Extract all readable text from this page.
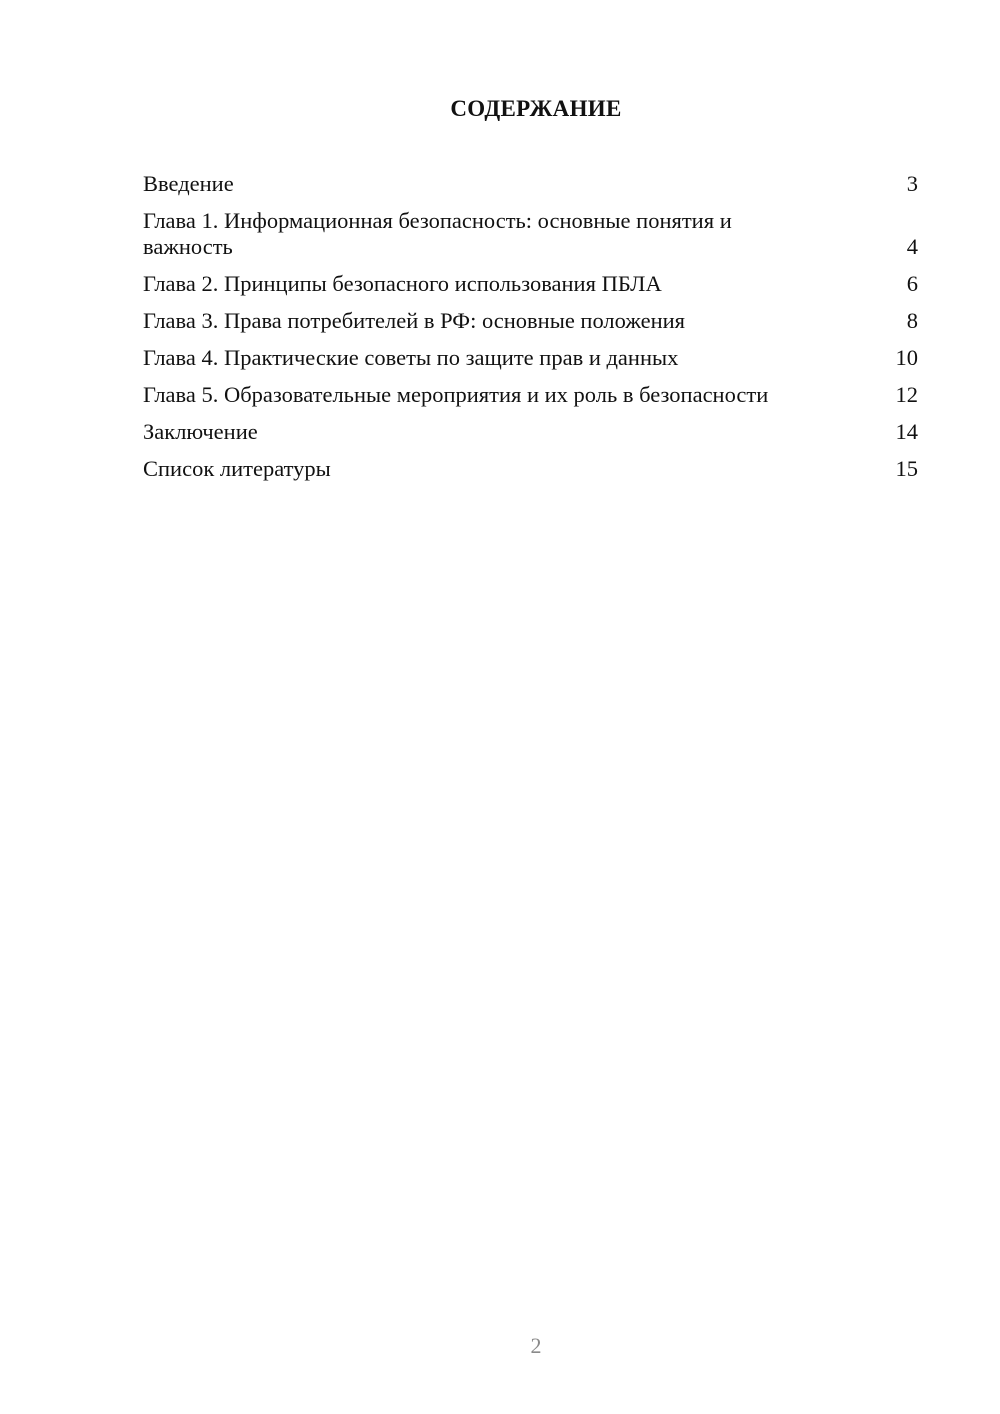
СОДЕРЖАНИЕ
Введение	3
Глава 1. Информационная безопасность: основные понятия и важность	4
Глава 2. Принципы безопасного использования ПБЛА	6
Глава 3. Права потребителей в РФ: основные положения	8
Глава 4. Практические советы по защите прав и данных	10
Глава 5. Образовательные мероприятия и их роль в безопасности	12
Заключение	14
Список литературы	15
2
